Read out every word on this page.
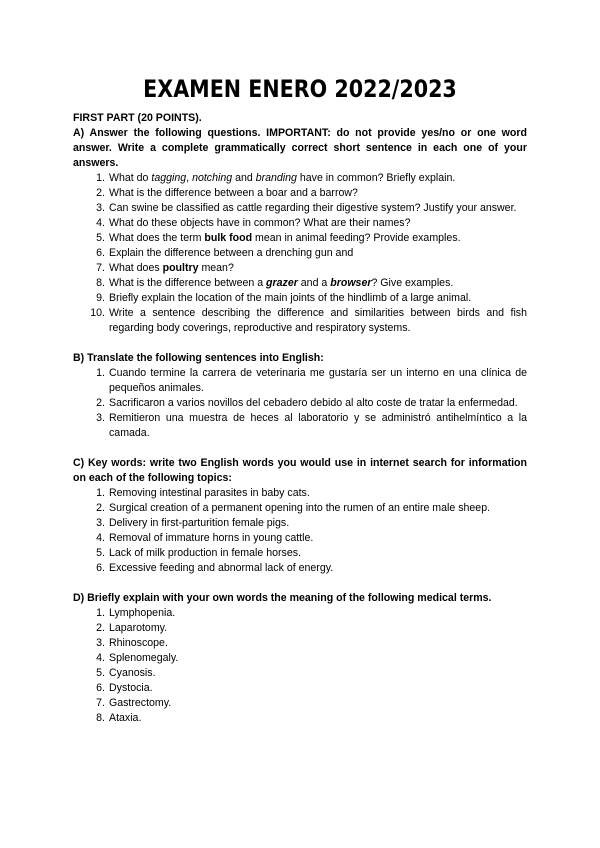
EXAMEN ENERO 2022/2023

FIRST PART (20 POINTS).

A) Answer the following questions. IMPORTANT: do not provide yes/no or one word answer. Write a complete grammatically correct short sentence in each one of your answers.

1. What do tagging, notching and branding have in common? Briefly explain.
2. What is the difference between a boar and a barrow?
3. Can swine be classified as cattle regarding their digestive system? Justify your answer.
4. What do these objects have in common? What are their names?
5. What does the term bulk food mean in animal feeding? Provide examples.
6. Explain the difference between a drenching gun and
7. What does poultry mean?
8. What is the difference between a grazer and a browser? Give examples.
9. Briefly explain the location of the main joints of the hindlimb of a large animal.
10. Write a sentence describing the difference and similarities between birds and fish regarding body coverings, reproductive and respiratory systems.

B) Translate the following sentences into English:

1. Cuando termine la carrera de veterinaria me gustaría ser un interno en una clínica de pequeños animales.
2. Sacrificaron a varios novillos del cebadero debido al alto coste de tratar la enfermedad.
3. Remitieron una muestra de heces al laboratorio y se administró antihelmíntico a la camada.

C) Key words: write two English words you would use in internet search for information on each of the following topics:

1. Removing intestinal parasites in baby cats.
2. Surgical creation of a permanent opening into the rumen of an entire male sheep.
3. Delivery in first-parturition female pigs.
4. Removal of immature horns in young cattle.
5. Lack of milk production in female horses.
6. Excessive feeding and abnormal lack of energy.

D) Briefly explain with your own words the meaning of the following medical terms.

1. Lymphopenia.
2. Laparotomy.
3. Rhinoscope.
4. Splenomegaly.
5. Cyanosis.
6. Dystocia.
7. Gastrectomy.
8. Ataxia.
